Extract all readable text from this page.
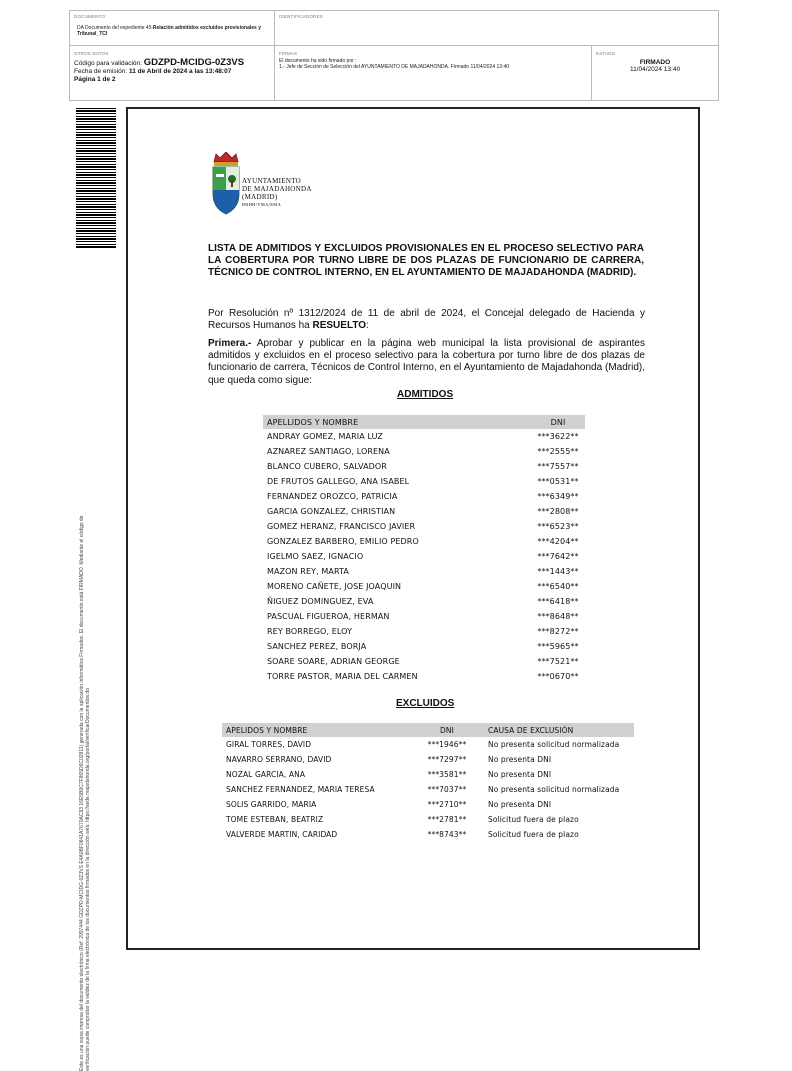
DOCUMENTO
DA Documento del expediente 45.Relación admitidos excluidos provisionales y Tribunal_TCI
IDENTIFICADORES
OTROS DATOS
Código para validación: GDZPD-MCIDG-0Z3VS
Fecha de emisión: 11 de Abril de 2024 a las 13:48:07
Página 1 de 2
FIRMAS
El documento ha sido firmado por :
1.- Jefe de Sección de Selección del AYUNTAMIENTO DE MAJADAHONDA. Firmado 11/04/2024 13:40
ESTADO
FIRMADO
11/04/2024 13:40
Este es una copia impresa del documento electrónico (Ref: 2997444 GDZPD-MCIDG-0Z3VS E4A0BF0841A7670AC93 16E5B9C7F865D6C02811) generada con la aplicación informática Firmadoc. El documento está FIRMADO. Mediante el código de verificación puede comprobar la validez de la firma electrónica de los documentos firmados en la dirección web: https://sede.majadahonda.org/portal/verificarDocumentos.do
AYUNTAMIENTO
DE MAJADAHONDA
(MADRID)
RRHH/YMA/EMA
LISTA DE ADMITIDOS Y EXCLUIDOS PROVISIONALES EN EL PROCESO SELECTIVO PARA LA COBERTURA POR TURNO LIBRE DE DOS PLAZAS DE FUNCIONARIO DE CARRERA, TÉCNICO DE CONTROL INTERNO, EN EL AYUNTAMIENTO DE MAJADAHONDA (MADRID).
Por Resolución nº 1312/2024 de 11 de abril de 2024, el Concejal delegado de Hacienda y Recursos Humanos ha RESUELTO:
Primera.- Aprobar y publicar en la página web municipal la lista provisional de aspirantes admitidos y excluidos en el proceso selectivo para la cobertura por turno libre de dos plazas de funcionario de carrera, Técnicos de Control Interno, en el Ayuntamiento de Majadahonda (Madrid), que queda como sigue:
ADMITIDOS
APELLIDOS Y NOMBRE	DNI
ANDRAY GOMEZ, MARIA LUZ	***3622**
AZNAREZ SANTIAGO, LORENA	***2555**
BLANCO CUBERO, SALVADOR	***7557**
DE FRUTOS GALLEGO, ANA ISABEL	***0531**
FERNANDEZ OROZCO, PATRICIA	***6349**
GARCIA GONZALEZ, CHRISTIAN	***2808**
GOMEZ HERANZ, FRANCISCO JAVIER	***6523**
GONZALEZ BARBERO, EMILIO PEDRO	***4204**
IGELMO SAEZ, IGNACIO	***7642**
MAZON REY, MARTA	***1443**
MORENO CAÑETE, JOSE JOAQUIN	***6540**
ÑIGUEZ DOMINGUEZ, EVA	***6418**
PASCUAL FIGUEROA, HERMAN	***8648**
REY BORREGO, ELOY	***8272**
SANCHEZ PEREZ, BORJA	***5965**
SOARE SOARE, ADRIAN GEORGE	***7521**
TORRE PASTOR, MARIA DEL CARMEN	***0670**
EXCLUIDOS
APELIDOS Y NOMBRE	DNI	CAUSA DE EXCLUSIÓN
GIRAL TORRES, DAVID	***1946**	No presenta solicitud normalizada
NAVARRO SERRANO, DAVID	***7297**	No presenta DNI
NOZAL GARCIA, ANA	***3581**	No presenta DNI
SANCHEZ FERNANDEZ, MARIA TERESA	***7037**	No presenta solicitud normalizada
SOLIS GARRIDO, MARIA	***2710**	No presenta DNI
TOME ESTEBAN, BEATRIZ	***2781**	Solicitud fuera de plazo
VALVERDE MARTIN, CARIDAD	***8743**	Solicitud fuera de plazo
